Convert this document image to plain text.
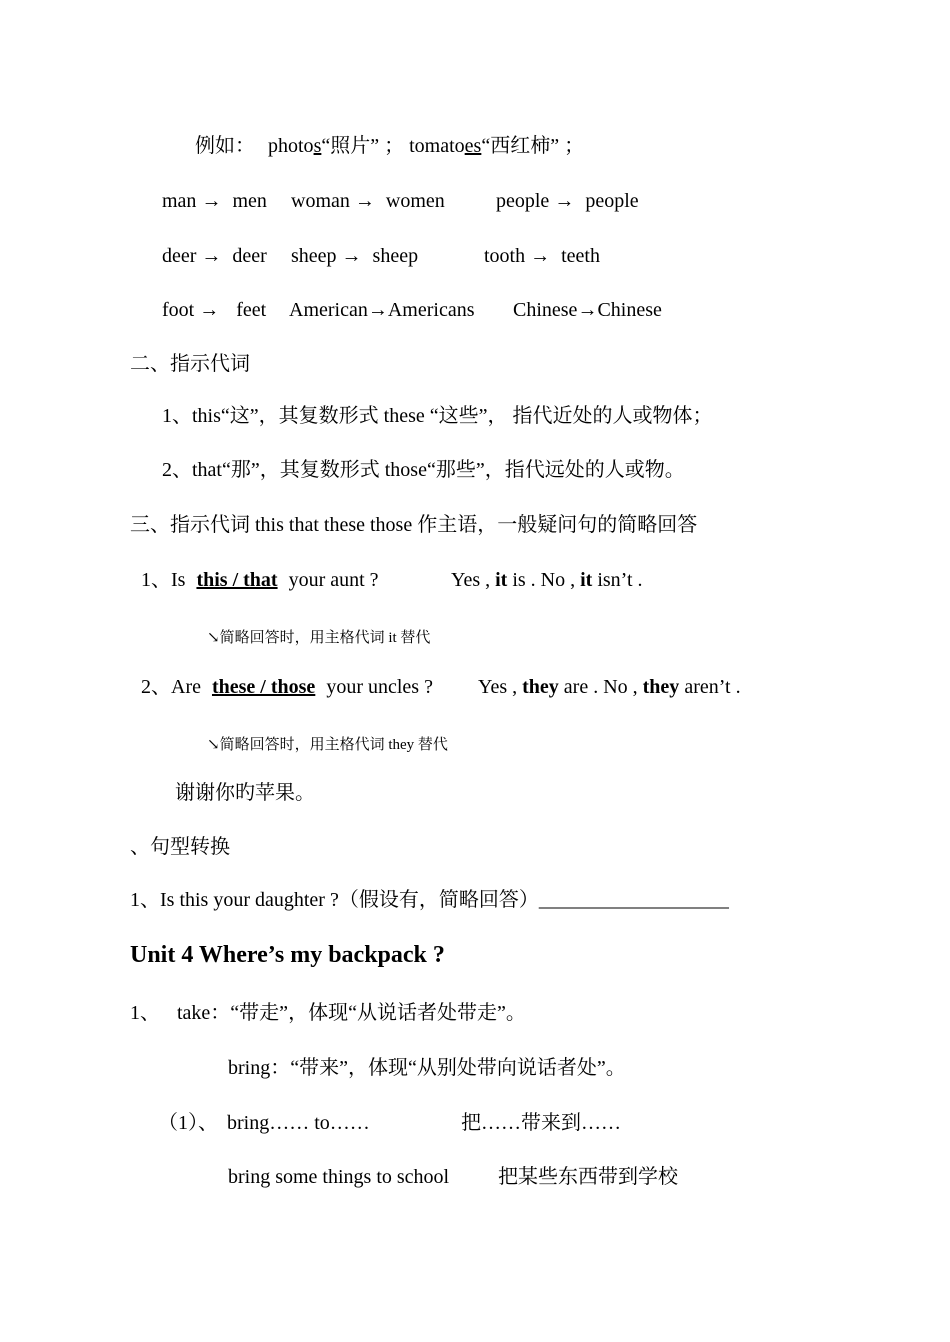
例如： photos“照片” ； tomatoes“西红柿” ；
man → men woman → women	people → people
deer → deer sheep → sheep	tooth → teeth
foot → feet American→Americans Chinese→Chinese
二、指示代词
1、this“这”，其复数形式 these “这些”， 指代近处的人或物体；
2、that“那”，其复数形式 those“那些”，指代远处的人或物。
三、指示代词 this that these those 作主语，一般疑问句的简略回答
1、Is this / that your aunt ?	Yes , it is . No , it isn’t .
↘简略回答时，用主格代词 it 替代
2、Are these / those your uncles ? Yes , they are . No , they aren’t .
↘简略回答时，用主格代词 they 替代
谢谢你旳苹果。
、句型转换
1、Is this your daughter ?（假设有，简略回答）___________________
Unit 4 Where’s my backpack ?
1、 take：“带走”，体现“从说话者处带走”。
bring：“带来”，体现“从别处带向说话者处”。
（1）、 bring…… to……	把……带来到……
bring some things to school 把某些东西带到学校
